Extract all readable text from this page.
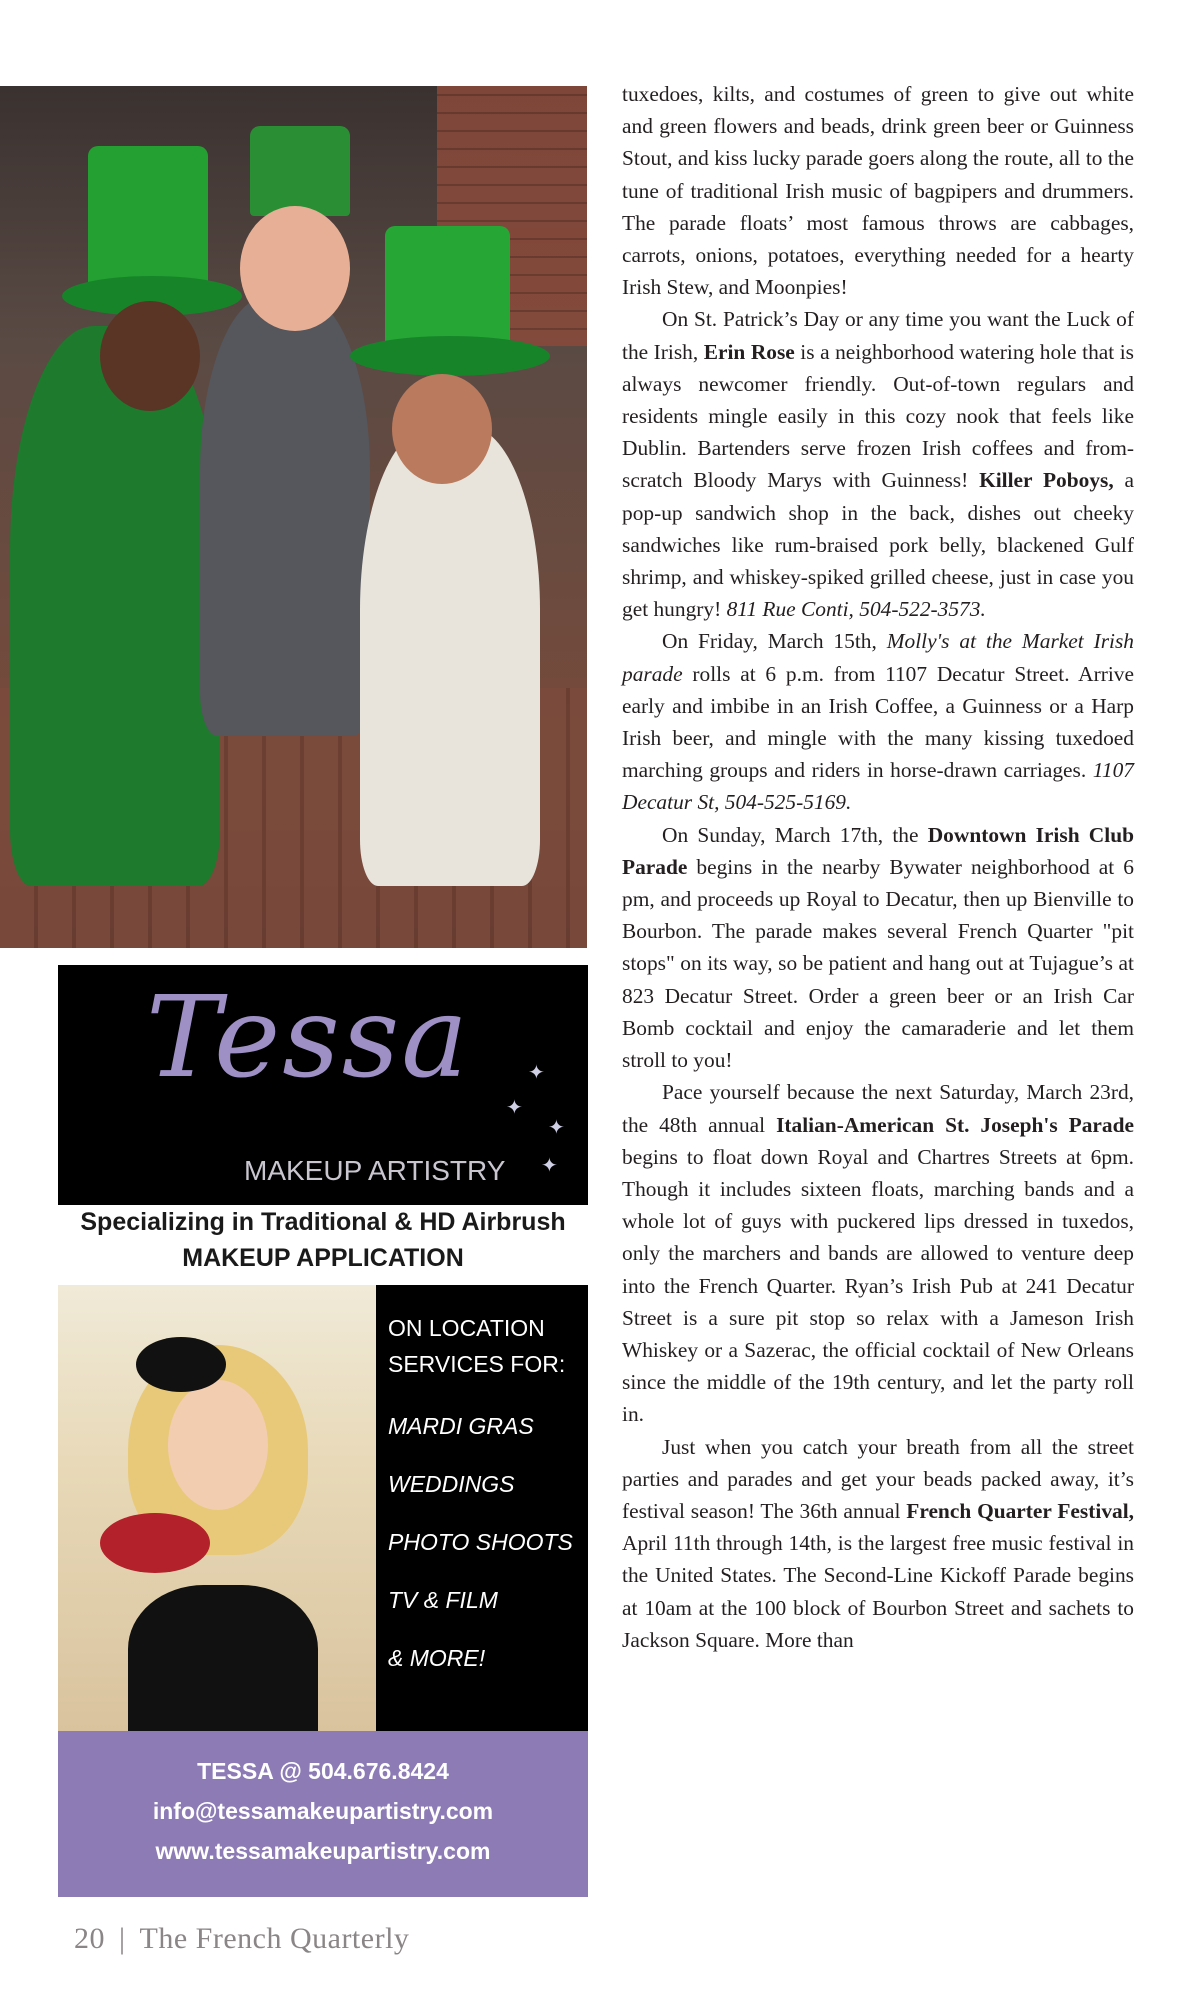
Tessa	✦
✦
✦
✦
MAKEUP ARTISTRY
Specializing in Traditional & HD Airbrush
MAKEUP APPLICATION
ON LOCATION
SERVICES FOR:
MARDI GRAS
WEDDINGS
PHOTO SHOOTS
TV & FILM
& MORE!
TESSA @ 504.676.8424
info@tessamakeupartistry.com
www.tessamakeupartistry.com

tuxedoes, kilts, and costumes of green to give out white and green flowers and beads, drink green beer or Guinness Stout, and kiss lucky parade goers along the route, all to the tune of traditional Irish music of bagpipers and drummers. The parade floats’ most famous throws are cabbages, carrots, onions, potatoes, everything needed for a hearty Irish Stew, and Moonpies!

On St. Patrick’s Day or any time you want the Luck of the Irish, Erin Rose is a neighborhood watering hole that is always newcomer friendly. Out-of-town regulars and residents mingle easily in this cozy nook that feels like Dublin. Bartenders serve frozen Irish coffees and from-scratch Bloody Marys with Guinness! Killer Poboys, a pop-up sandwich shop in the back, dishes out cheeky sandwiches like rum-braised pork belly, blackened Gulf shrimp, and whiskey-spiked grilled cheese, just in case you get hungry! 811 Rue Conti, 504-522-3573.

On Friday, March 15th, Molly's at the Market Irish parade rolls at 6 p.m. from 1107 Decatur Street. Arrive early and imbibe in an Irish Coffee, a Guinness or a Harp Irish beer, and mingle with the many kissing tuxedoed marching groups and riders in horse-drawn carriages. 1107 Decatur St, 504-525-5169.

On Sunday, March 17th, the Downtown Irish Club Parade begins in the nearby Bywater neighborhood at 6 pm, and proceeds up Royal to Decatur, then up Bienville to Bourbon. The parade makes several French Quarter "pit stops" on its way, so be patient and hang out at Tujague’s at 823 Decatur Street. Order a green beer or an Irish Car Bomb cocktail and enjoy the camaraderie and let them stroll to you!

Pace yourself because the next Saturday, March 23rd, the 48th annual Italian-American St. Joseph's Parade begins to float down Royal and Chartres Streets at 6pm. Though it includes sixteen floats, marching bands and a whole lot of guys with puckered lips dressed in tuxedos, only the marchers and bands are allowed to venture deep into the French Quarter. Ryan’s Irish Pub at 241 Decatur Street is a sure pit stop so relax with a Jameson Irish Whiskey or a Sazerac, the official cocktail of New Orleans since the middle of the 19th century, and let the party roll in.

Just when you catch your breath from all the street parties and parades and get your beads packed away, it’s festival season! The 36th annual French Quarter Festival, April 11th through 14th, is the largest free music festival in the United States. The Second-Line Kickoff Parade begins at 10am at the 100 block of Bourbon Street and sachets to Jackson Square. More than

20 | The French Quarterly
